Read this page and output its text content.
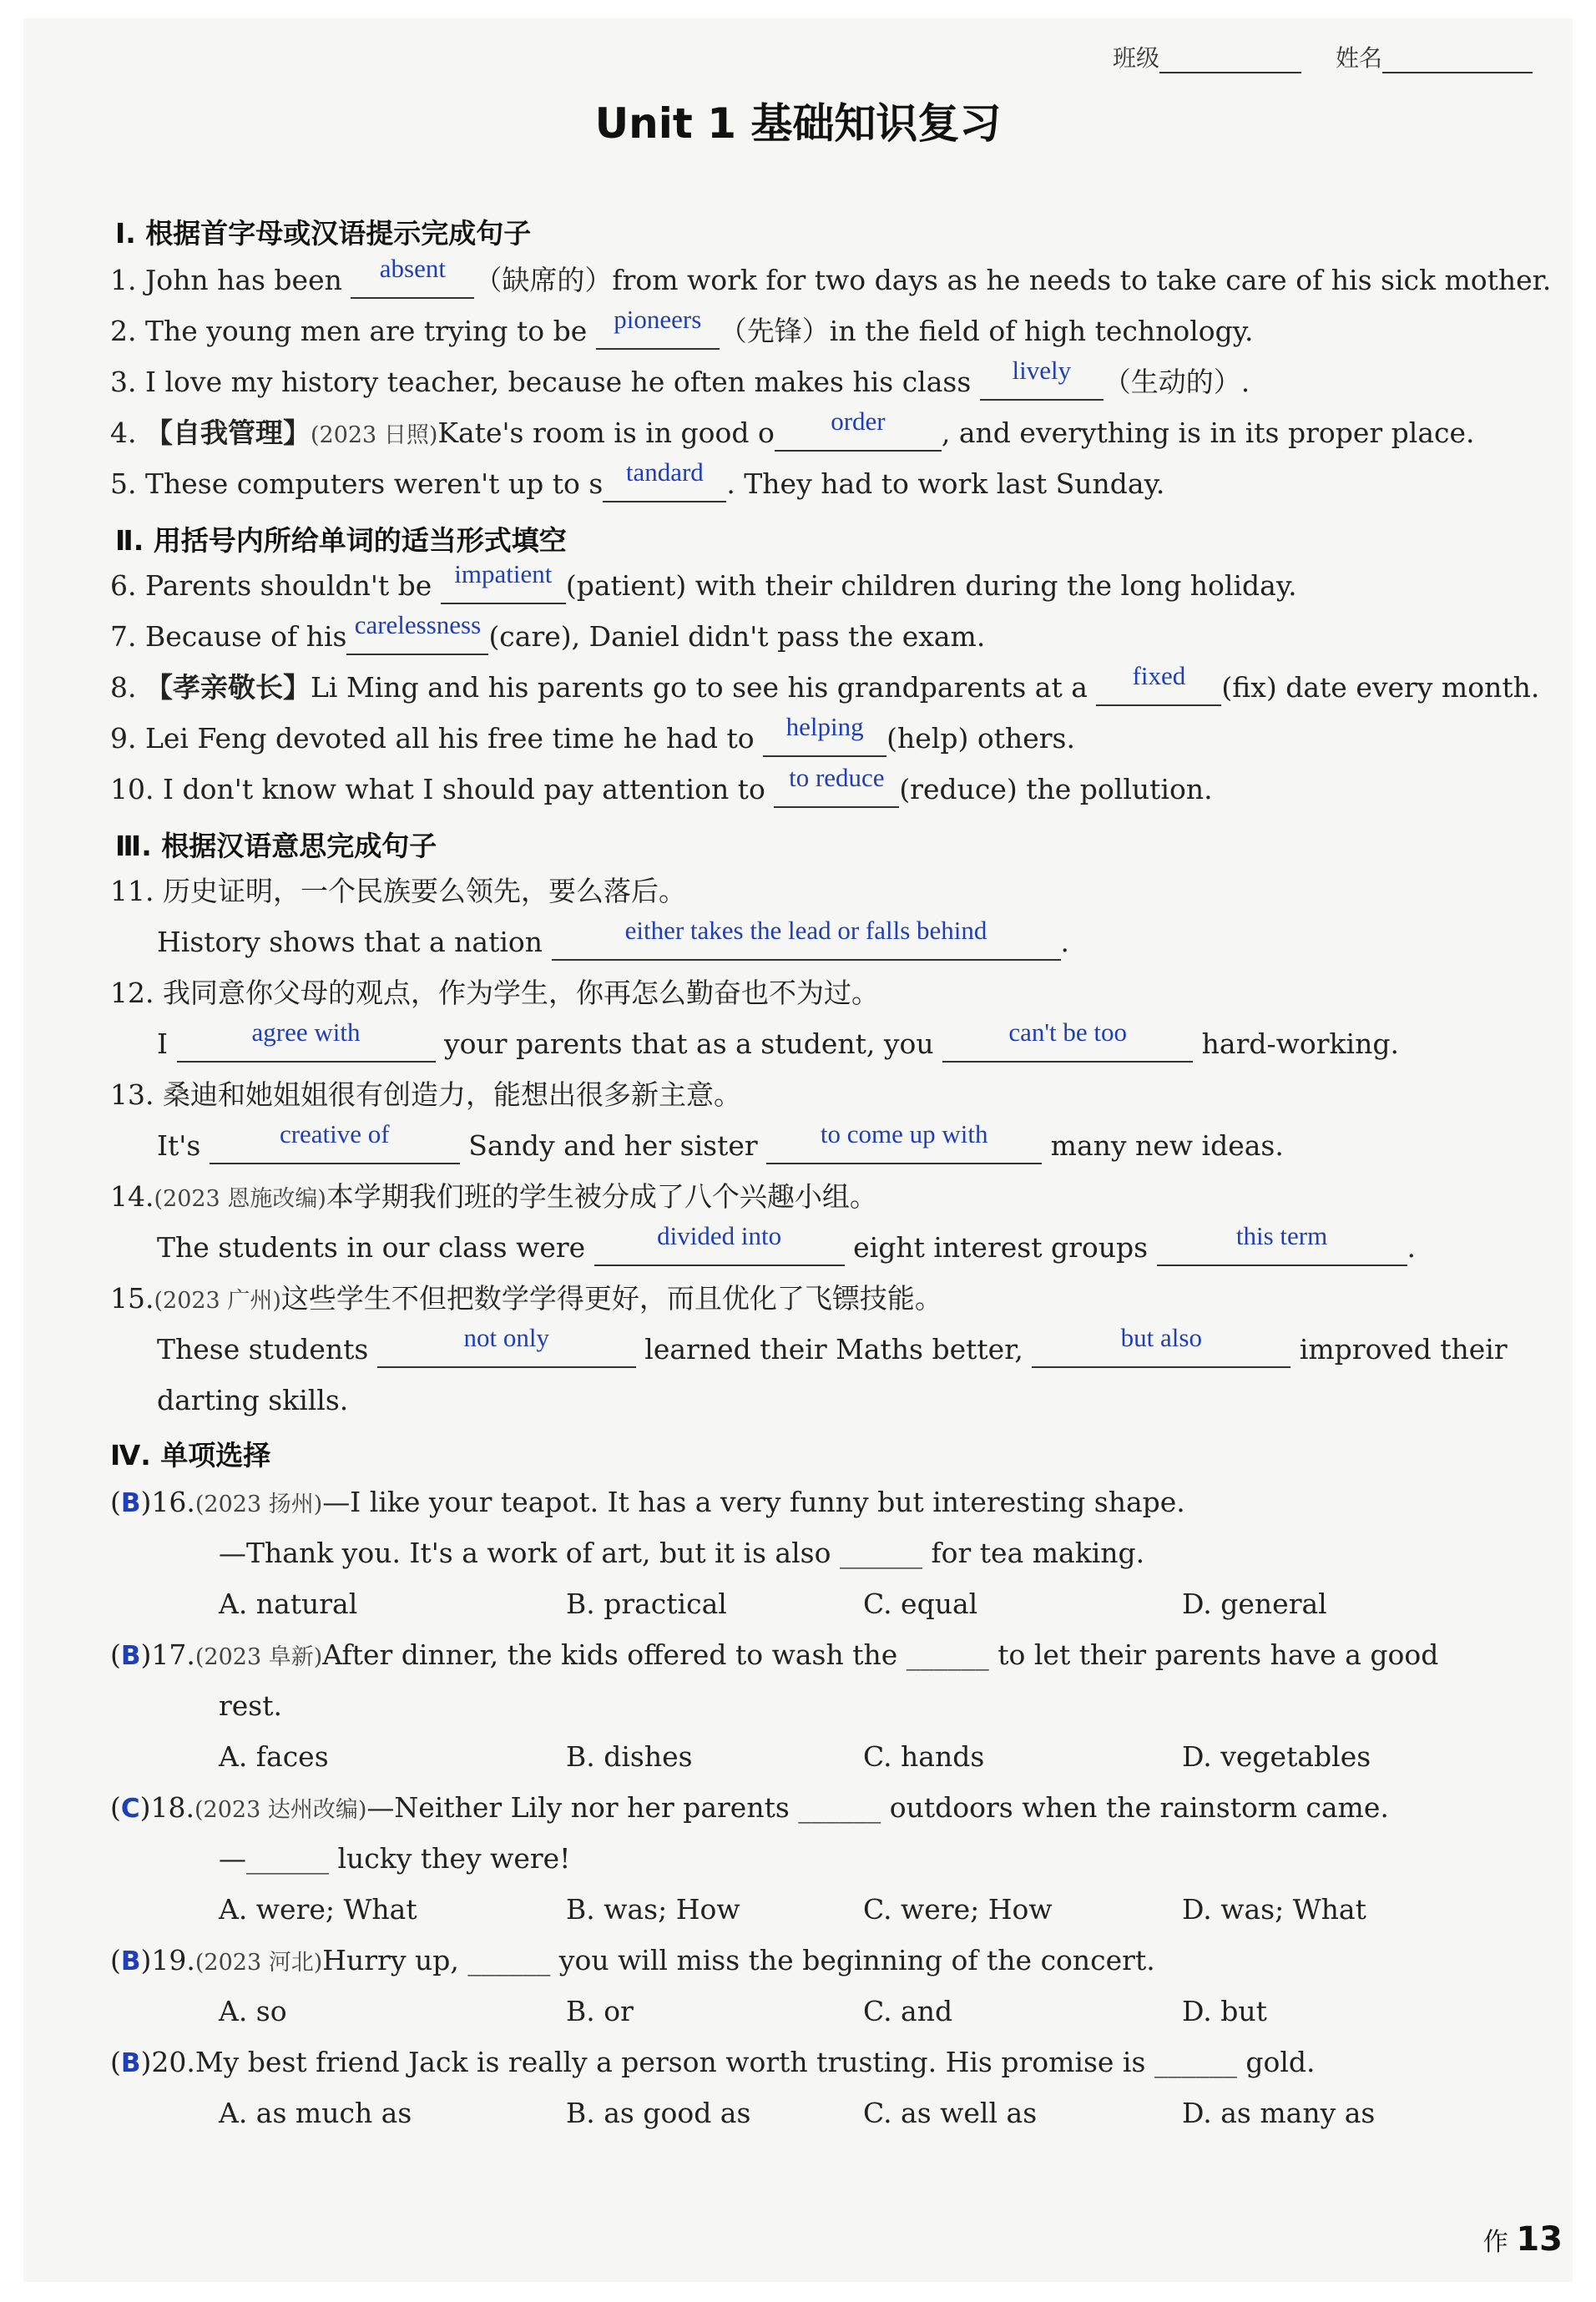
班级	姓名
Unit 1 基础知识复习
Ⅰ. 根据首字母或汉语提示完成句子
1. John has been	absent	（缺席的）from work for two days as he needs to take care of his sick mother.
2. The young men are trying to be pioneers （先锋）in the field of high technology.
3. I love my history teacher, because he often makes his class	lively	（生动的）.
4. 【自我管理】(2023 日照)Kate's room is in good o	order	, and everything is in its proper place.
5. These computers weren't up to s tandard . They had to work last Sunday.
Ⅱ. 用括号内所给单词的适当形式填空
6. Parents shouldn't be impatient (patient) with their children during the long holiday.
7. Because of his carelessness (care), Daniel didn't pass the exam.
8. 【孝亲敬长】Li Ming and his parents go to see his grandparents at a	fixed	(fix) date every month.
9. Lei Feng devoted all his free time he had to helping (help) others.
10. I don't know what I should pay attention to to reduce (reduce) the pollution.
Ⅲ. 根据汉语意思完成句子
11. 历史证明，一个民族要么领先，要么落后。
History shows that a nation	either takes the lead or falls behind	.
12. 我同意你父母的观点，作为学生，你再怎么勤奋也不为过。
I	agree with	your parents that as a student, you	can't be too	hard-working.
13. 桑迪和她姐姐很有创造力，能想出很多新主意。
It's	creative of	Sandy and her sister	to come up with	many new ideas.
14.(2023 恩施改编)本学期我们班的学生被分成了八个兴趣小组。
The students in our class were	divided into	eight interest groups	this term	.
15.(2023 广州)这些学生不但把数学学得更好，而且优化了飞镖技能。
These students	not only	learned their Maths better,	but also	improved their
darting skills.
Ⅳ. 单项选择
(B)16.(2023 扬州)—I like your teapot. It has a very funny but interesting shape.
—Thank you. It's a work of art, but it is also ______ for tea making.
A. natural	B. practical	C. equal	D. general
(B)17.(2023 阜新)After dinner, the kids offered to wash the ______ to let their parents have a good
rest.
A. faces	B. dishes	C. hands	D. vegetables
(C)18.(2023 达州改编)—Neither Lily nor her parents ______ outdoors when the rainstorm came.
—______ lucky they were!
A. were; What	B. was; How	C. were; How	D. was; What
(B)19.(2023 河北)Hurry up, ______ you will miss the beginning of the concert.
A. so	B. or	C. and	D. but
(B)20.My best friend Jack is really a person worth trusting. His promise is ______ gold.
A. as much as	B. as good as	C. as well as	D. as many as
作 13
